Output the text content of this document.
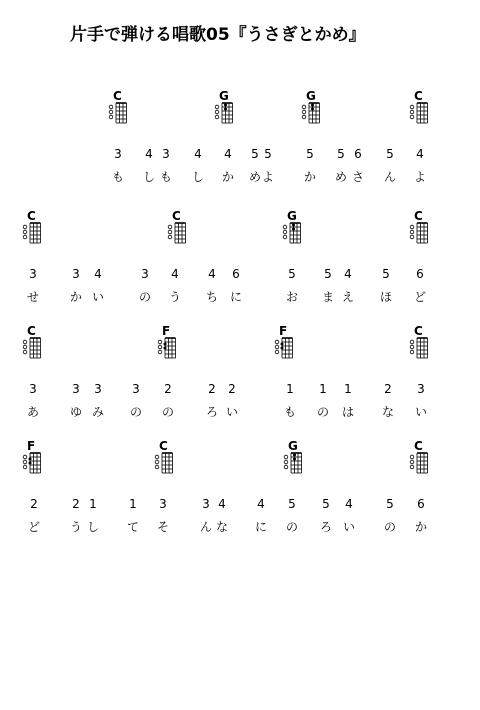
片手で弾ける唱歌05『うさぎとかめ』
C	G	G	C
3	4 3	4	4	5 5	5	5 6	5	4
も	し も	し	か	め よ	か	め さ	ん	よ
C	C	G	C
3	3	4	3	4	4	6	5	5	4	5	6
せ	か い	の	う	ち に	お	ま え	ほ	ど
C	F	F	C
3	3	3	3	2	2	2	1	1	1	2	3
あ	ゆ み	の	の	ろ い	も	の	は	な	い
F	C	G	C
2	2 1	1	3	3 4	4	5	5	4	5	6
ど	う し	て	そ	ん な	に	の	ろ い	の	か
